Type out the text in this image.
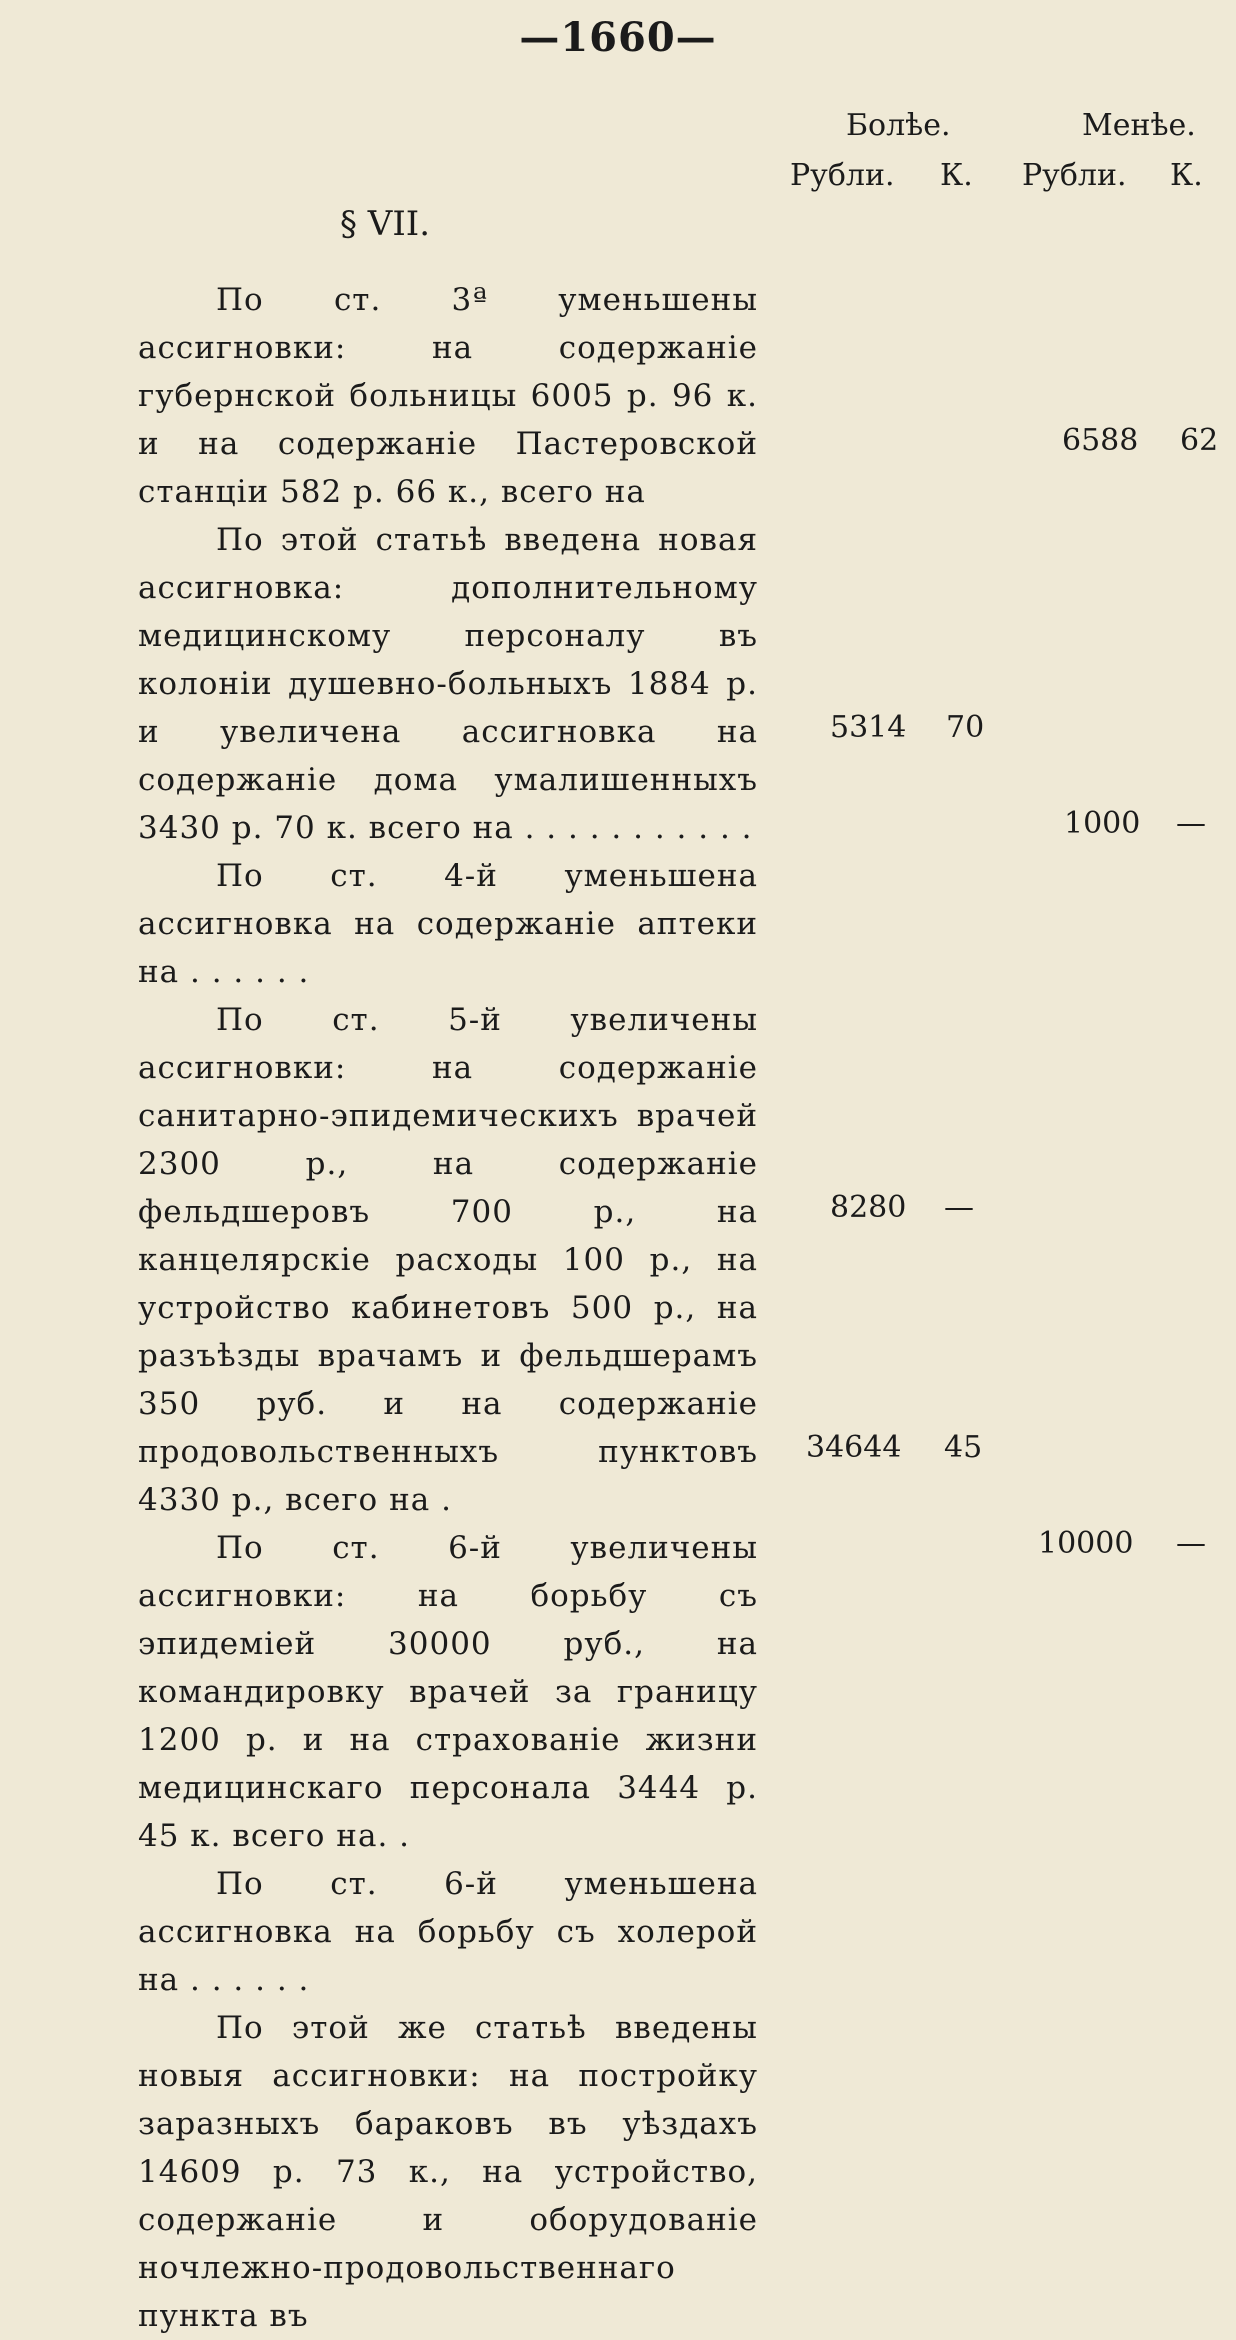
—1660—
Болѣе.	Менѣе.
Рубли. К. Рубли. К.
§ VII.

По ст. 3ª уменьшены ассигновки: на содержаніе губернской больницы 6005 р. 96 к. и на содержаніе Пастеровской станціи 582 р. 66 к., всего на

По этой статьѣ введена новая ассигновка: дополнительному медицинскому персоналу въ колоніи душевно-больныхъ 1884 р. и увеличена ассигновка на содержаніе дома умалишенныхъ 3430 р. 70 к. всего на . . . . . . . . . . .

По ст. 4-й уменьшена ассигновка на содержаніе аптеки на . . . . . .

По ст. 5-й увеличены ассигновки: на содержаніе санитарно-эпидемическихъ врачей 2300 р., на содержаніе фельдшеровъ 700 р., на канцелярскіе расходы 100 р., на устройство кабинетовъ 500 р., на разъѣзды врачамъ и фельдшерамъ 350 руб. и на содержаніе продовольственныхъ пунктовъ 4330 р., всего на .

По ст. 6-й увеличены ассигновки: на борьбу съ эпидеміей 30000 руб., на командировку врачей за границу 1200 р. и на страхованіе жизни медицинскаго персонала 3444 р. 45 к. всего на. .

По ст. 6-й уменьшена ассигновка на борьбу съ холерой на . . . . . .

По этой же статьѣ введены новыя ассигновки: на постройку заразныхъ бараковъ въ уѣздахъ 14609 р. 73 к., на устройство, содержаніе и оборудованіе ночлежно-продовольственнаго пункта въ

6588 62
5314 70
1000 —
8280 —
34644 45
10000 —
